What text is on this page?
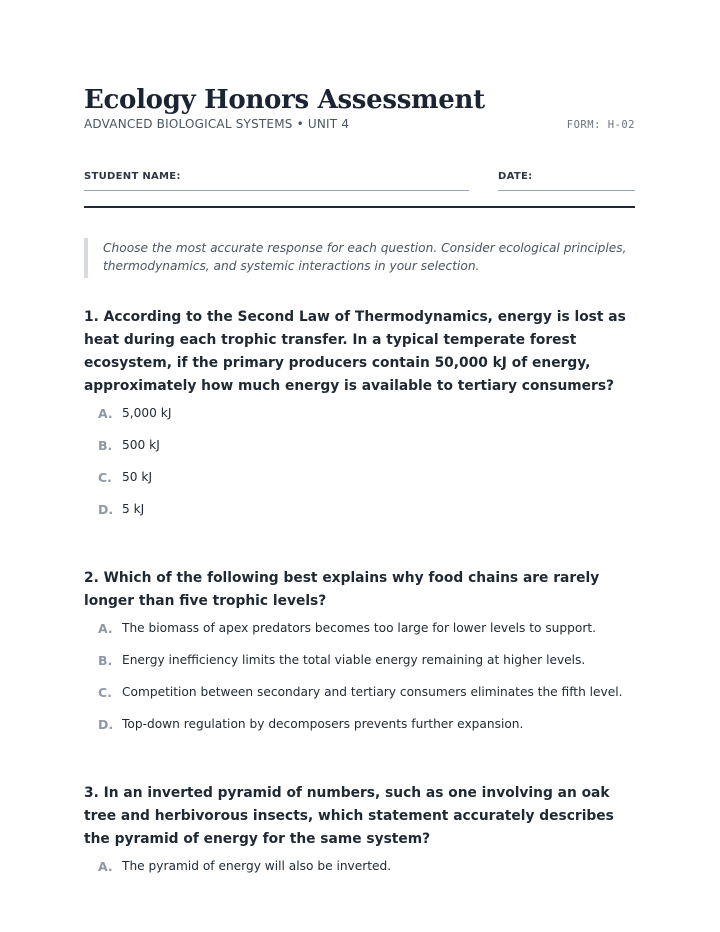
Ecology Honors Assessment
ADVANCED BIOLOGICAL SYSTEMS • UNIT 4	FORM: H-02
STUDENT NAME:	DATE:
Choose the most accurate response for each question. Consider ecological principles, thermodynamics, and systemic interactions in your selection.

1. According to the Second Law of Thermodynamics, energy is lost as heat during each trophic transfer. In a typical temperate forest ecosystem, if the primary producers contain 50,000 kJ of energy, approximately how much energy is available to tertiary consumers?

A. 5,000 kJ
B. 500 kJ
C. 50 kJ
D. 5 kJ

2. Which of the following best explains why food chains are rarely longer than five trophic levels?

A. The biomass of apex predators becomes too large for lower levels to support.
B. Energy inefficiency limits the total viable energy remaining at higher levels.
C. Competition between secondary and tertiary consumers eliminates the fifth level.
D. Top-down regulation by decomposers prevents further expansion.

3. In an inverted pyramid of numbers, such as one involving an oak tree and herbivorous insects, which statement accurately describes the pyramid of energy for the same system?

A. The pyramid of energy will also be inverted.
